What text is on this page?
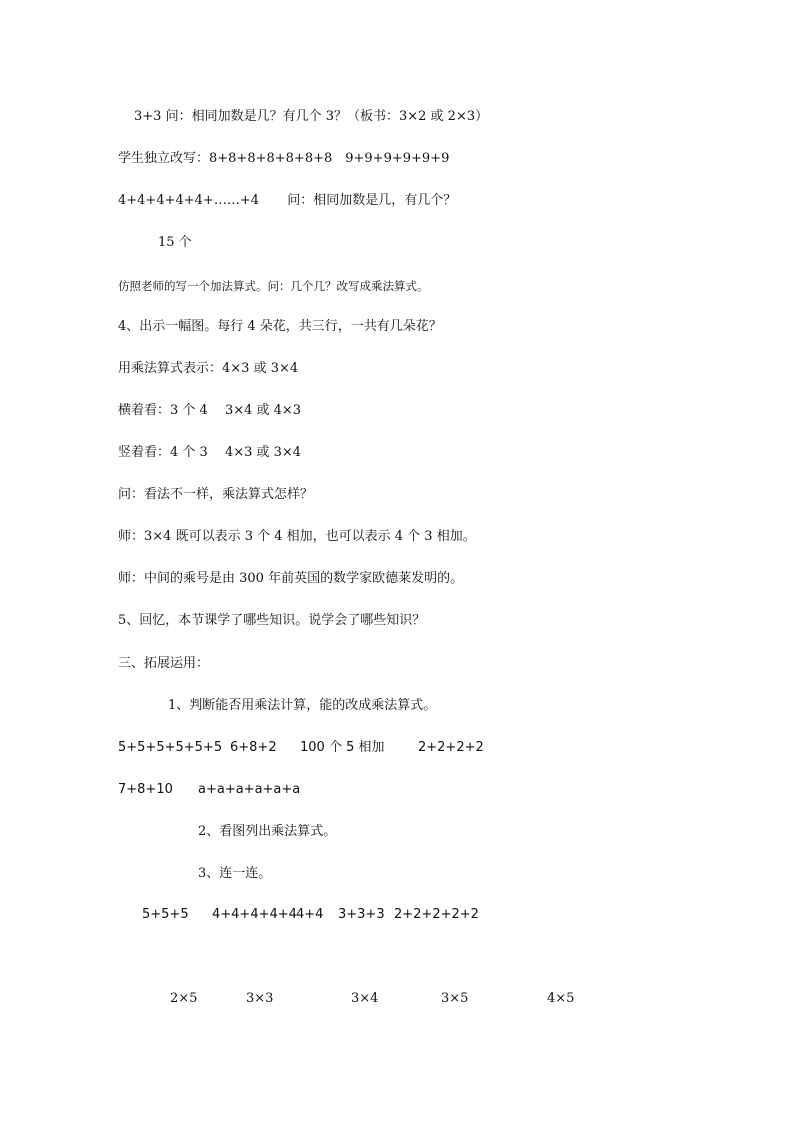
3+3 问：相同加数是几？有几个 3？（板书：3×2 或 2×3）
学生独立改写：8+8+8+8+8+8+8　9+9+9+9+9+9
4+4+4+4+4+……+4 问：相同加数是几，有几个？
15 个
仿照老师的写一个加法算式。问：几个几？改写成乘法算式。
4、出示一幅图。每行 4 朵花，共三行，一共有几朵花？
用乘法算式表示：4×3 或 3×4
横着看：3 个 4　 3×4 或 4×3
竖着看：4 个 3　 4×3 或 3×4
问：看法不一样，乘法算式怎样？
师：3×4 既可以表示 3 个 4 相加，也可以表示 4 个 3 相加。
师：中间的乘号是由 300 年前英国的数学家欧德莱发明的。
5、回忆，本节课学了哪些知识。说学会了哪些知识？
三、拓展运用：
1、判断能否用乘法计算，能的改成乘法算式。
5+5+5+5+5+5 6+8+2 100 个 5 相加	2+2+2+2
7+8+10 a+a+a+a+a+a
2、看图列出乘法算式。
3、连一连。
5+5+5 4+4+4+4+4 4+4 3+3+3 2+2+2+2+2
2×5	3×3	3×4	3×5	4×5
